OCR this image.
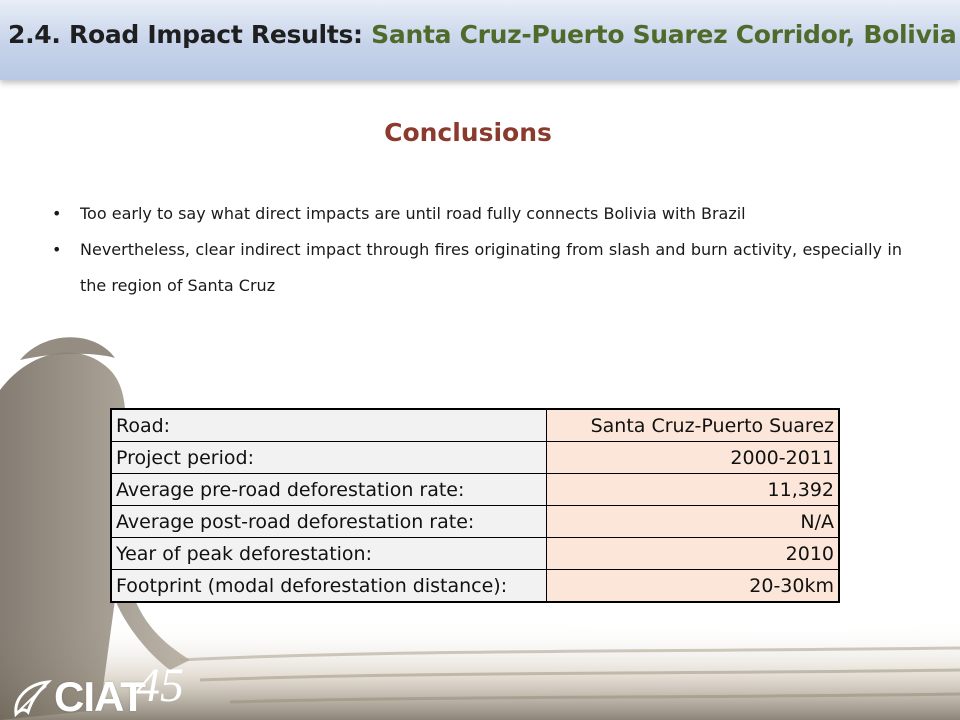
2.4. Road Impact Results: Santa Cruz-Puerto Suarez Corridor, Bolivia
Conclusions
• Too early to say what direct impacts are until road fully connects Bolivia with Brazil
• Nevertheless, clear indirect impact through fires originating from slash and burn activity, especially in the region of Santa Cruz
Road:	Santa Cruz-Puerto Suarez
Project period:	2000-2011
Average pre-road deforestation rate:	11,392
Average post-road deforestation rate:	N/A
Year of peak deforestation:	2010
Footprint (modal deforestation distance):	20-30km
CIAT
45
